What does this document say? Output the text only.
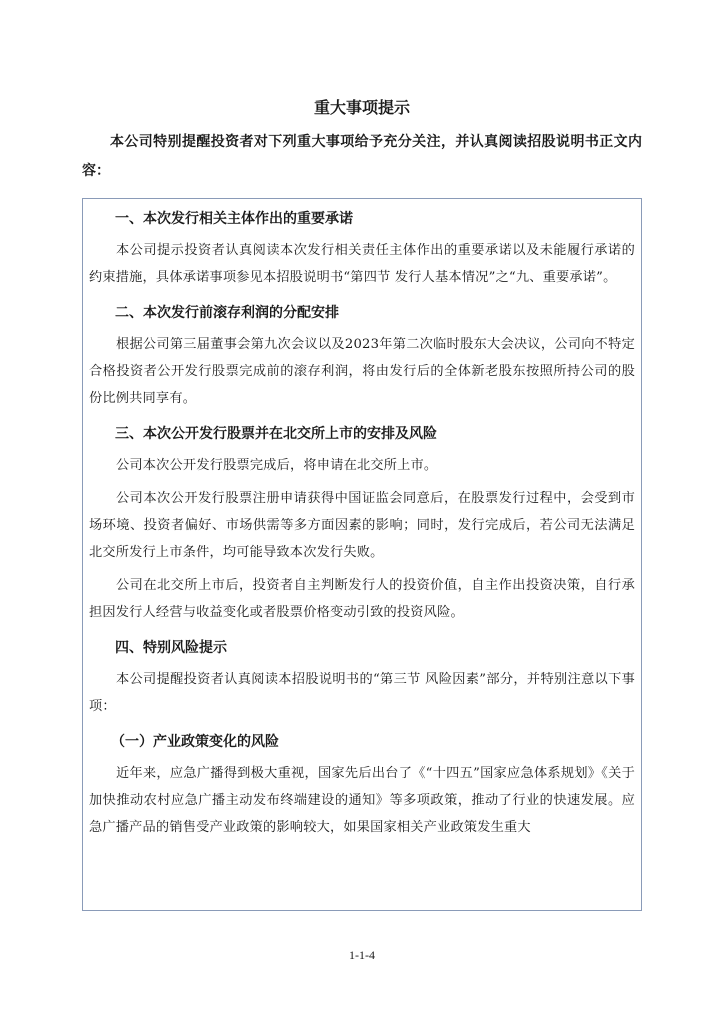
重大事项提示

本公司特别提醒投资者对下列重大事项给予充分关注，并认真阅读招股说明书正文内容：

一、本次发行相关主体作出的重要承诺

本公司提示投资者认真阅读本次发行相关责任主体作出的重要承诺以及未能履行承诺的约束措施，具体承诺事项参见本招股说明书“第四节 发行人基本情况”之“九、重要承诺”。

二、本次发行前滚存利润的分配安排

根据公司第三届董事会第九次会议以及2023年第二次临时股东大会决议，公司向不特定合格投资者公开发行股票完成前的滚存利润，将由发行后的全体新老股东按照所持公司的股份比例共同享有。

三、本次公开发行股票并在北交所上市的安排及风险

公司本次公开发行股票完成后，将申请在北交所上市。

公司本次公开发行股票注册申请获得中国证监会同意后，在股票发行过程中，会受到市场环境、投资者偏好、市场供需等多方面因素的影响；同时，发行完成后，若公司无法满足北交所发行上市条件，均可能导致本次发行失败。

公司在北交所上市后，投资者自主判断发行人的投资价值，自主作出投资决策，自行承担因发行人经营与收益变化或者股票价格变动引致的投资风险。

四、特别风险提示

本公司提醒投资者认真阅读本招股说明书的“第三节 风险因素”部分，并特别注意以下事项：

（一）产业政策变化的风险

近年来，应急广播得到极大重视，国家先后出台了《“十四五”国家应急体系规划》《关于加快推动农村应急广播主动发布终端建设的通知》等多项政策，推动了行业的快速发展。应急广播产品的销售受产业政策的影响较大，如果国家相关产业政策发生重大

1-1-4
